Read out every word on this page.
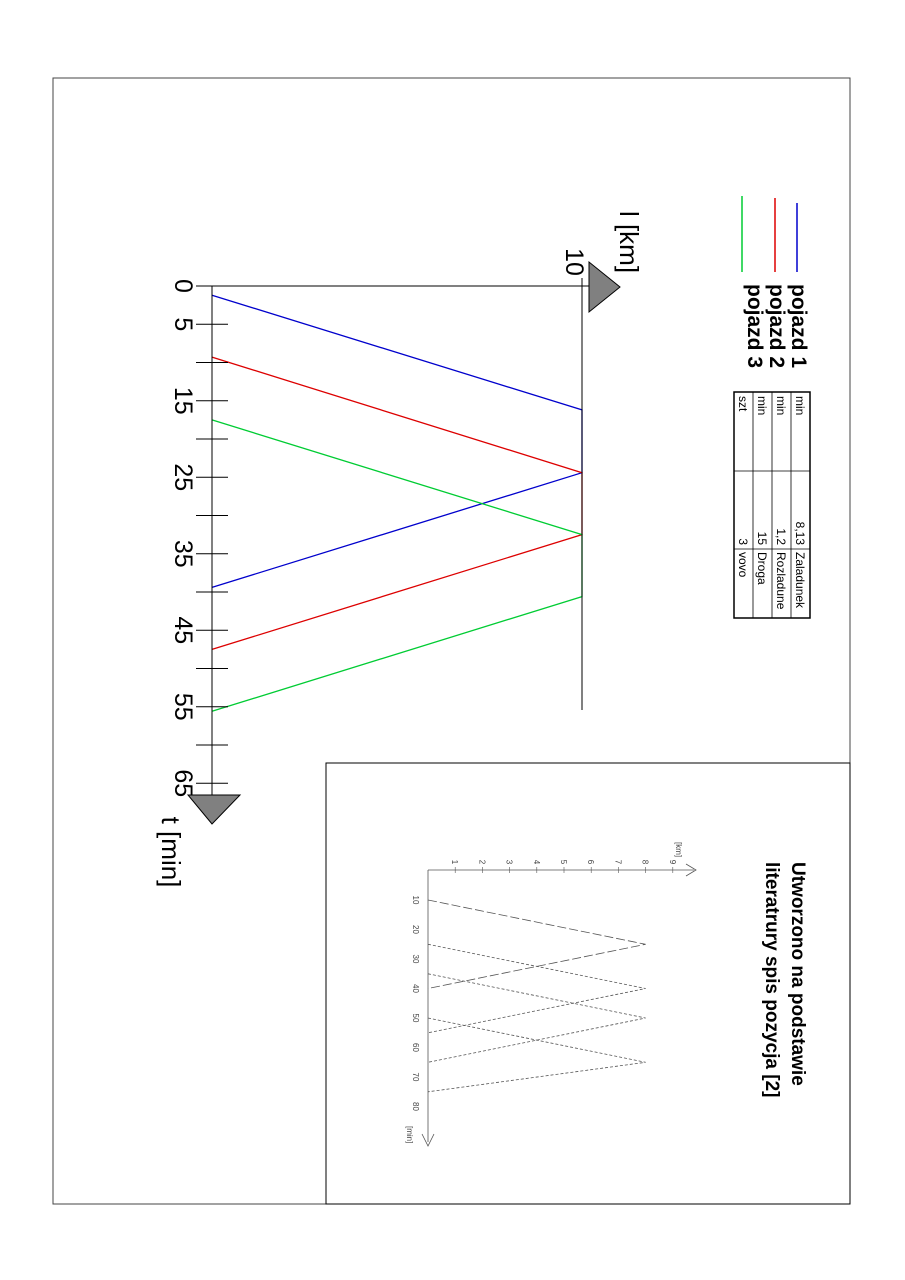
0
5
15
25
35
45
55
65
10 l [km]
t [min]
pojazd 1
pojazd 2
pojazd 3
min
8,13
Zaladunek
min
1,2
Rozladune
min
15
Droga
szt
3
vovo
Utworzono na podstawie
literatrury spis pozycja [2]
[km]
[min]
1 2 3 4 5 6 7 8 9
10
20
30
40
50
60
70
80
